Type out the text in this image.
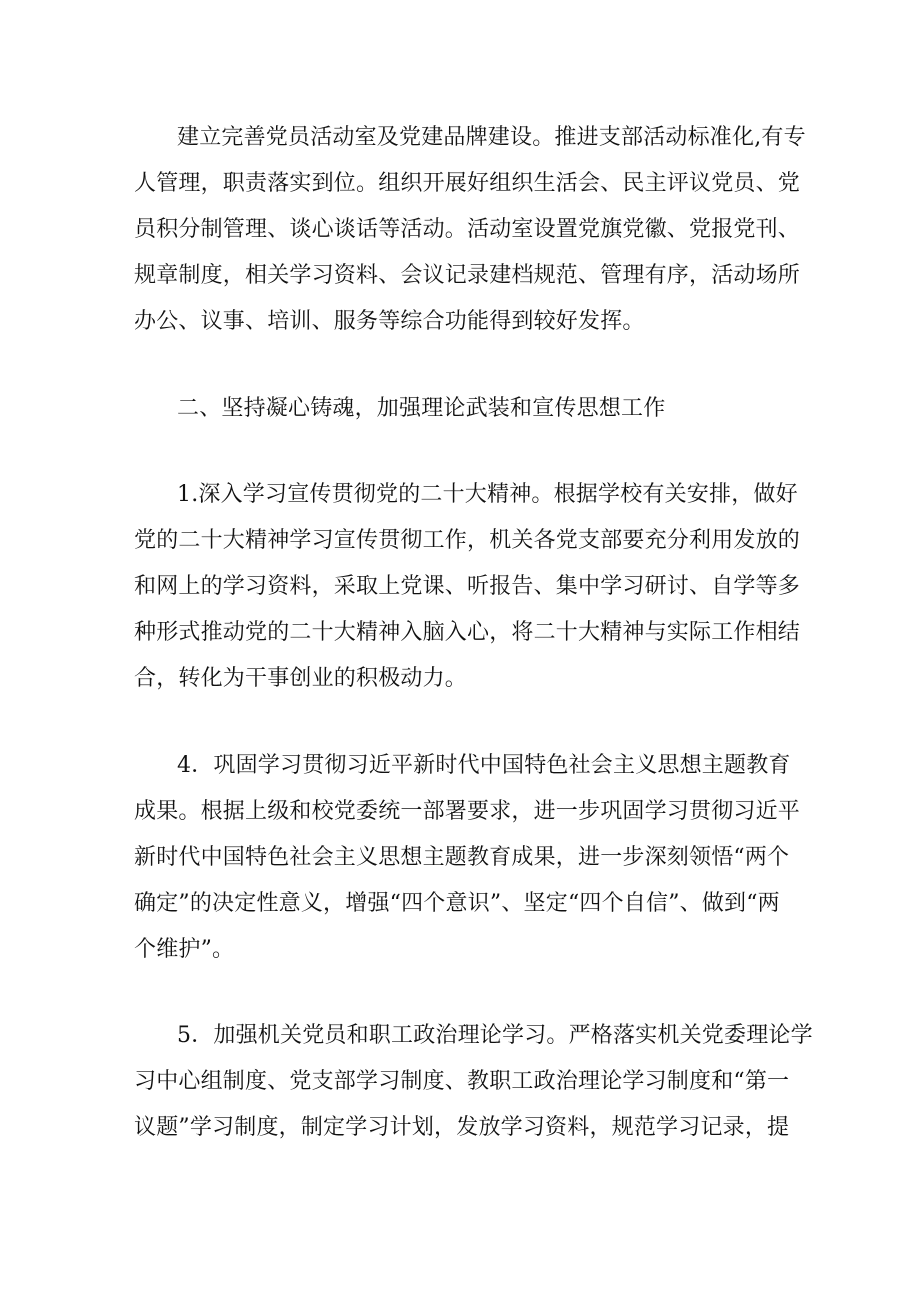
建立完善党员活动室及党建品牌建设。推进支部活动标准化,有专
人管理，职责落实到位。组织开展好组织生活会、民主评议党员、党
员积分制管理、谈心谈话等活动。活动室设置党旗党徽、党报党刊、
规章制度，相关学习资料、会议记录建档规范、管理有序，活动场所
办公、议事、培训、服务等综合功能得到较好发挥。
二、坚持凝心铸魂，加强理论武装和宣传思想工作
1.深入学习宣传贯彻党的二十大精神。根据学校有关安排，做好
党的二十大精神学习宣传贯彻工作，机关各党支部要充分利用发放的
和网上的学习资料，采取上党课、听报告、集中学习研讨、自学等多
种形式推动党的二十大精神入脑入心，将二十大精神与实际工作相结
合，转化为干事创业的积极动力。
4．巩固学习贯彻习近平新时代中国特色社会主义思想主题教育
成果。根据上级和校党委统一部署要求，进一步巩固学习贯彻习近平
新时代中国特色社会主义思想主题教育成果，进一步深刻领悟“两个
确定”的决定性意义，增强“四个意识”、坚定“四个自信”、做到“两
个维护”。
5．加强机关党员和职工政治理论学习。严格落实机关党委理论学
习中心组制度、党支部学习制度、教职工政治理论学习制度和“第一
议题”学习制度，制定学习计划，发放学习资料，规范学习记录，提
